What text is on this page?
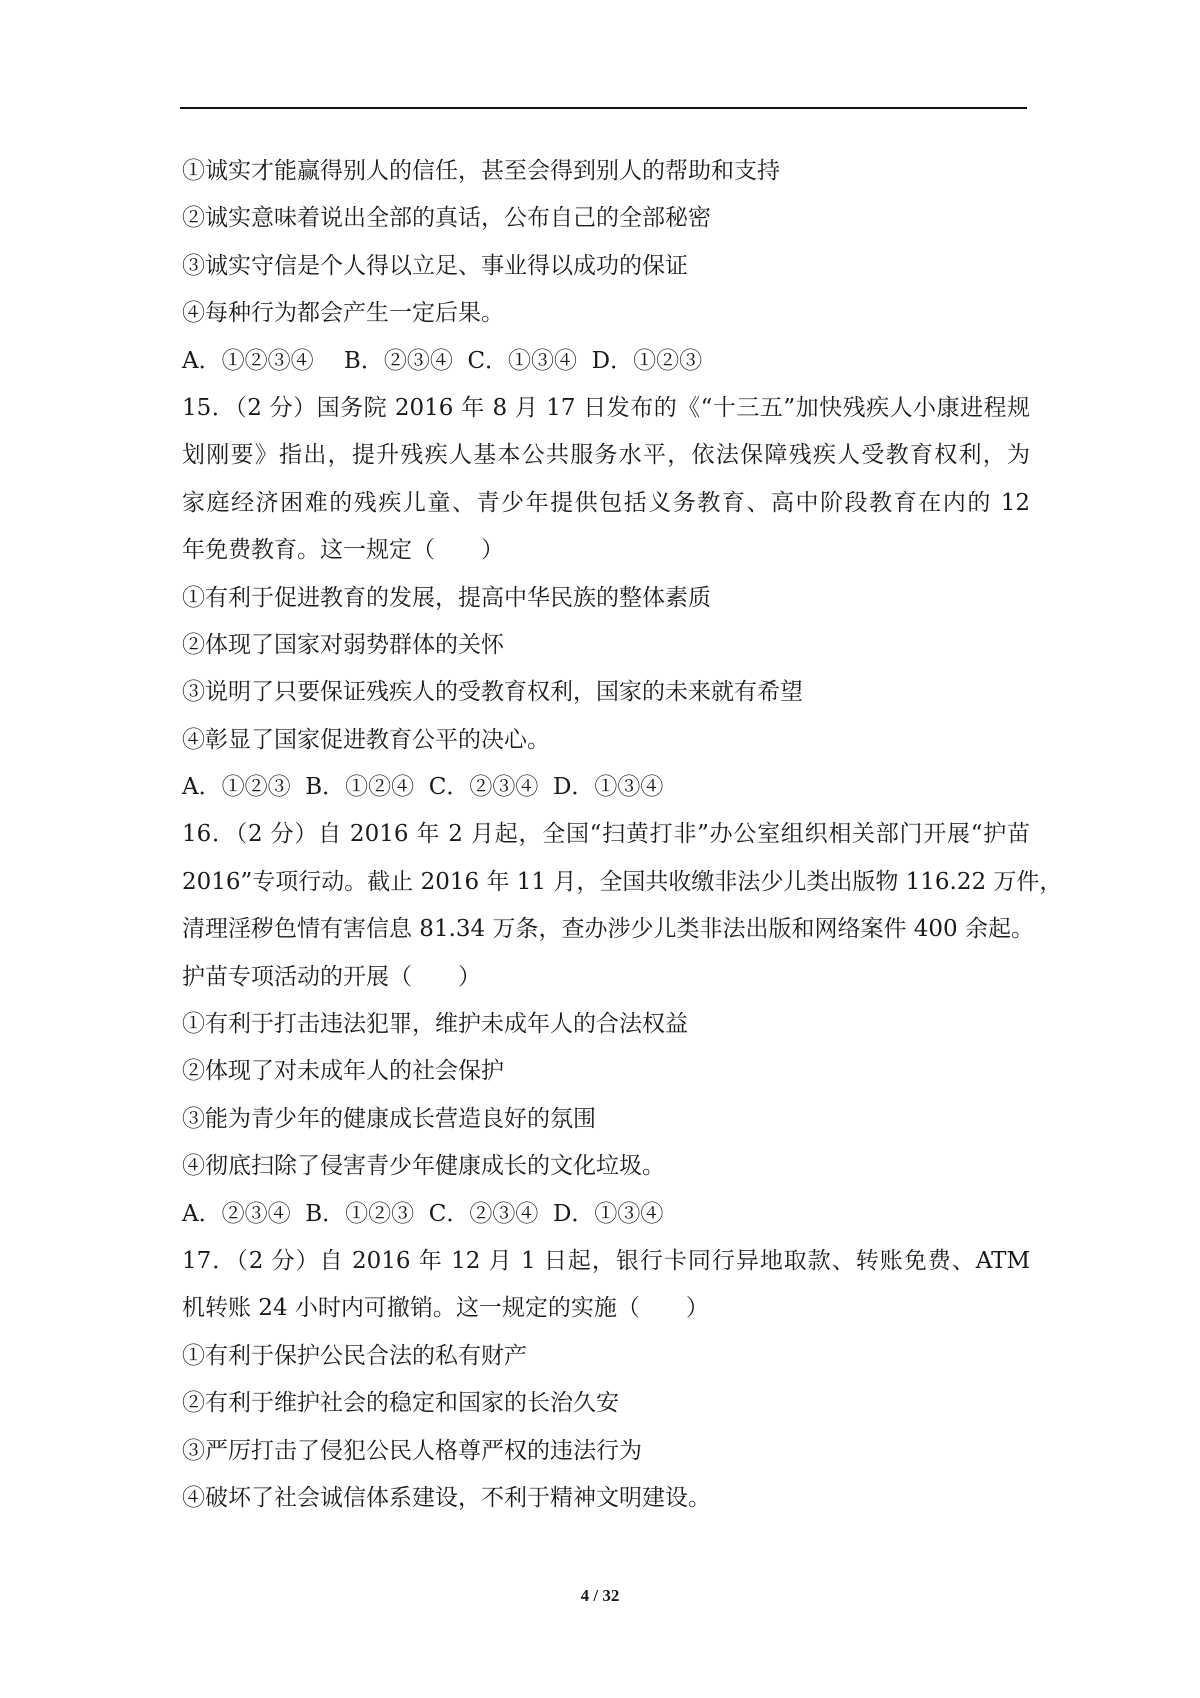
①诚实才能赢得别人的信任，甚至会得到别人的帮助和支持
②诚实意味着说出全部的真话，公布自己的全部秘密
③诚实守信是个人得以立足、事业得以成功的保证
④每种行为都会产生一定后果。
A．①②③④　 B．②③④  C．①③④  D．①②③
15．（2 分）国务院 2016 年 8 月 17 日发布的《“十三五”加快残疾人小康进程规
划刚要》指出，提升残疾人基本公共服务水平，依法保障残疾人受教育权利，为
家庭经济困难的残疾儿童、青少年提供包括义务教育、高中阶段教育在内的 12
年免费教育。这一规定（　　）
①有利于促进教育的发展，提高中华民族的整体素质
②体现了国家对弱势群体的关怀
③说明了只要保证残疾人的受教育权利，国家的未来就有希望
④彰显了国家促进教育公平的决心。
A．①②③  B．①②④  C．②③④  D．①③④
16．（2 分）自 2016 年 2 月起，全国“扫黄打非”办公室组织相关部门开展“护苗
2016”专项行动。截止 2016 年 11 月，全国共收缴非法少儿类出版物 116.22 万件，
清理淫秽色情有害信息 81.34 万条，查办涉少儿类非法出版和网络案件 400 余起。
护苗专项活动的开展（　　）
①有利于打击违法犯罪，维护未成年人的合法权益
②体现了对未成年人的社会保护
③能为青少年的健康成长营造良好的氛围
④彻底扫除了侵害青少年健康成长的文化垃圾。
A．②③④  B．①②③  C．②③④  D．①③④
17．（2 分）自 2016 年 12 月 1 日起，银行卡同行异地取款、转账免费、ATM
机转账 24 小时内可撤销。这一规定的实施（　　）
①有利于保护公民合法的私有财产
②有利于维护社会的稳定和国家的长治久安
③严厉打击了侵犯公民人格尊严权的违法行为
④破坏了社会诚信体系建设，不利于精神文明建设。
4 / 32
